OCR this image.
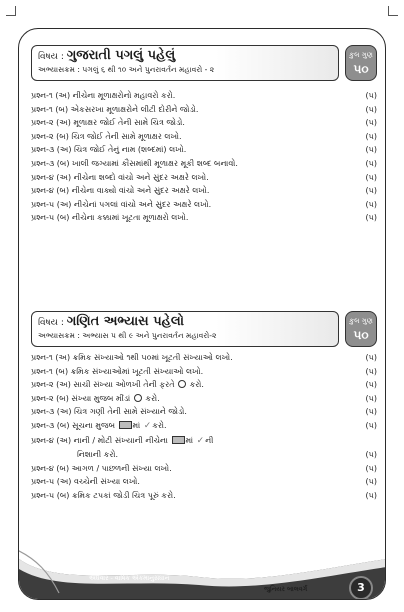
વિષય : ગુજરાતી પગલું પહેલું
અભ્યાસક્રમ : પગલું ૬ થી ૧૦ અને પુનરાવર્તન મહાવરો - ૨
કુલ ગુણ
૫૦
પ્રશ્ન-૧ (અ) નીચેના મૂળાક્ષરોનો મહાવરો કરો.	(૫)
પ્રશ્ન-૧ (બ) એકસરખા મૂળાક્ષરોને લીટી દોરીને જોડો.	(૫)
પ્રશ્ન-૨ (અ) મૂળાક્ષર જોઈ તેની સામે ચિત્ર જોડો.	(૫)
પ્રશ્ન-૨ (બ) ચિત્ર જોઈ તેની સામે મૂળાક્ષર લખો.	(૫)
પ્રશ્ન-૩ (અ) ચિત્ર જોઈ તેનું નામ (શબ્દમાં) લખો.	(૫)
પ્રશ્ન-૩ (બ) ખાલી જગ્યામાં કૌંસમાંથી મૂળાક્ષર મૂકી શબ્દ બનાવો.	(૫)
પ્રશ્ન-૪ (અ) નીચેના શબ્દો વાંચો અને સુંદર અક્ષરે લખો.	(૫)
પ્રશ્ન-૪ (બ) નીચેના વાક્યો વાંચો અને સુંદર અક્ષરે લખો.	(૫)
પ્રશ્ન-૫ (અ) નીચેનાં પગલાં વાંચો અને સુંદર અક્ષરે લખો.	(૫)
પ્રશ્ન-૫ (બ) નીચેના કક્કામાં ખૂટતા મૂળાક્ષરો લખો.	(૫)
વિષય : ગણિત અભ્યાસ પહેલો
અભ્યાસક્રમ : અભ્યાસ ૫ થી ૯ અને પુનરાવર્તન મહાવરો-૨
કુલ ગુણ
૫૦
પ્રશ્ન-૧ (અ) ક્રમિક સંખ્યાઓ ૧થી ૫૦માં ખૂટતી સંખ્યાઓ લખો.	(૫)
પ્રશ્ન-૧ (બ) ક્રમિક સંખ્યાઓમાં ખૂટતી સંખ્યાઓ લખો.	(૫)
પ્રશ્ન-૨ (અ) સાચી સંખ્યા ઓળખી તેની ફરતે કરો.	(૫)
પ્રશ્ન-૨ (બ) સંખ્યા મુજબ મીંડાં કરો.	(૫)
પ્રશ્ન-૩ (અ) ચિત્ર ગણી તેની સામે સંખ્યાને જોડો.	(૫)
પ્રશ્ન-૩ (બ) સૂચના મુજબ માં ✓કરો.	(૫)
પ્રશ્ન-૪ (અ) નાની / મોટી સંખ્યાની નીચેના માં ✓ની
નિશાની કરો.	(૫)
પ્રશ્ન-૪ (બ) આગળ / પાછળની સંખ્યા લખો.	(૫)
પ્રશ્ન-૫ (અ) વચ્ચેની સંખ્યા લખો.	(૫)
પ્રશ્ન-૫ (બ) ક્રમિક ટપકાં જોડી ચિત્ર પૂરું કરો.	(૫)
અર્ધવાર - વાર્ષિક એકમાનુસંધાન
જુનિયર બાલવર્ગ	3
